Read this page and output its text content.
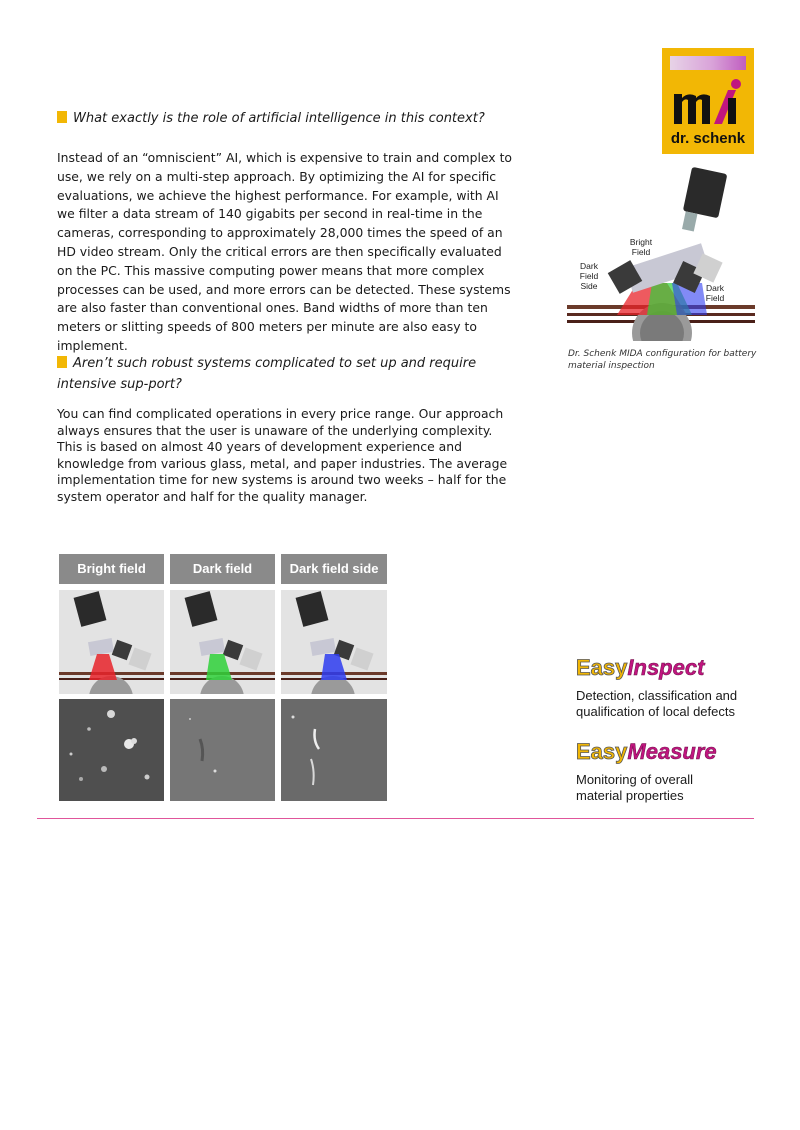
dr. schenk
What exactly is the role of artificial intelligence in this context?
Instead of an “omniscient” AI, which is expensive to train and complex to use, we rely on a multi-step approach. By optimizing the AI for specific evaluations, we achieve the highest performance. For example, with AI we filter a data stream of 140 gigabits per second in real-time in the cameras, corresponding to approximately 28,000 times the speed of an HD video stream. Only the critical errors are then specifically evaluated on the PC. This massive computing power means that more complex processes can be used, and more errors can be detected. These systems are also faster than conventional ones. Band widths of more than ten meters or slitting speeds of 800 meters per minute are also easy to implement.
Aren’t such robust systems complicated to set up and require intensive sup-port?
You can find complicated operations in every price range. Our approach always ensures that the user is unaware of the underlying complexity. This is based on almost 40 years of development experience and knowledge from various glass, metal, and paper industries. The average implementation time for new systems is around two weeks – half for the system operator and half for the quality manager.
Bright Field
Dark Field Side	Dark Field
Dr. Schenk MIDA configuration for battery material inspection
Bright field	Dark field	Dark field side
EasyInspect
Detection, classification and qualification of local defects
EasyMeasure
Monitoring of overall material properties
